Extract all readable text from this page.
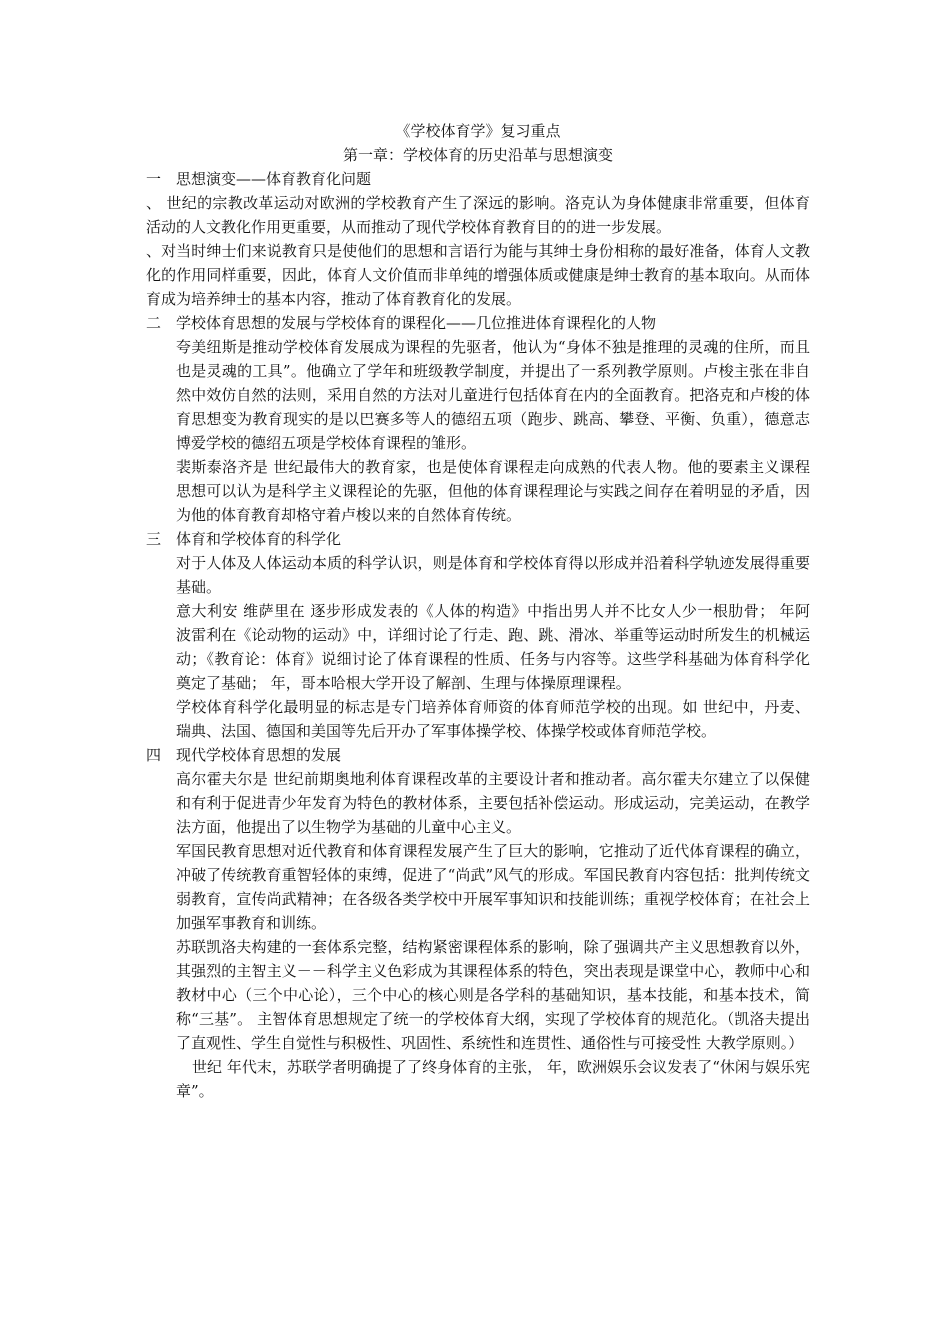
《学校体育学》复习重点

第一章：学校体育的历史沿革与思想演变

一 思想演变——体育教育化问题

、 世纪的宗教改革运动对欧洲的学校教育产生了深远的影响。洛克认为身体健康非常重要，但体育活动的人文教化作用更重要，从而推动了现代学校体育教育目的的进一步发展。

、对当时绅士们来说教育只是使他们的思想和言语行为能与其绅士身份相称的最好准备，体育人文教化的作用同样重要，因此，体育人文价值而非单纯的增强体质或健康是绅士教育的基本取向。从而体育成为培养绅士的基本内容，推动了体育教育化的发展。

二 学校体育思想的发展与学校体育的课程化——几位推进体育课程化的人物

夸美纽斯是推动学校体育发展成为课程的先驱者，他认为“身体不独是推理的灵魂的住所，而且也是灵魂的工具”。他确立了学年和班级教学制度，并提出了一系列教学原则。卢梭主张在非自然中效仿自然的法则，采用自然的方法对儿童进行包括体育在内的全面教育。把洛克和卢梭的体育思想变为教育现实的是以巴赛多等人的德绍五项（跑步、跳高、攀登、平衡、负重），德意志博爱学校的德绍五项是学校体育课程的雏形。

裴斯泰洛齐是 世纪最伟大的教育家，也是使体育课程走向成熟的代表人物。他的要素主义课程思想可以认为是科学主义课程论的先驱，但他的体育课程理论与实践之间存在着明显的矛盾，因为他的体育教育却格守着卢梭以来的自然体育传统。

三 体育和学校体育的科学化

对于人体及人体运动本质的科学认识，则是体育和学校体育得以形成并沿着科学轨迹发展得重要基础。

意大利安 维萨里在 逐步形成发表的《人体的构造》中指出男人并不比女人少一根肋骨； 年阿 波雷利在《论动物的运动》中，详细讨论了行走、跑、跳、滑冰、举重等运动时所发生的机械运动；《教育论：体育》说细讨论了体育课程的性质、任务与内容等。这些学科基础为体育科学化奠定了基础； 年，哥本哈根大学开设了解剖、生理与体操原理课程。

学校体育科学化最明显的标志是专门培养体育师资的体育师范学校的出现。如 世纪中，丹麦、瑞典、法国、德国和美国等先后开办了军事体操学校、体操学校或体育师范学校。

四 现代学校体育思想的发展

高尔霍夫尔是 世纪前期奥地利体育课程改革的主要设计者和推动者。高尔霍夫尔建立了以保健和有利于促进青少年发育为特色的教材体系，主要包括补偿运动。形成运动，完美运动，在教学法方面，他提出了以生物学为基础的儿童中心主义。

军国民教育思想对近代教育和体育课程发展产生了巨大的影响，它推动了近代体育课程的确立，冲破了传统教育重智轻体的束缚，促进了“尚武”风气的形成。军国民教育内容包括：批判传统文弱教育，宣传尚武精神；在各级各类学校中开展军事知识和技能训练；重视学校体育；在社会上加强军事教育和训练。

苏联凯洛夫构建的一套体系完整，结构紧密课程体系的影响，除了强调共产主义思想教育以外，其强烈的主智主义－－科学主义色彩成为其课程体系的特色，突出表现是课堂中心，教师中心和教材中心（三个中心论），三个中心的核心则是各学科的基础知识，基本技能，和基本技术，简称“三基”。 主智体育思想规定了统一的学校体育大纲，实现了学校体育的规范化。（凯洛夫提出了直观性、学生自觉性与积极性、巩固性、系统性和连贯性、通俗性与可接受性 大教学原则。）

世纪 年代末，苏联学者明确提了了终身体育的主张， 年，欧洲娱乐会议发表了“休闲与娱乐宪章”。
